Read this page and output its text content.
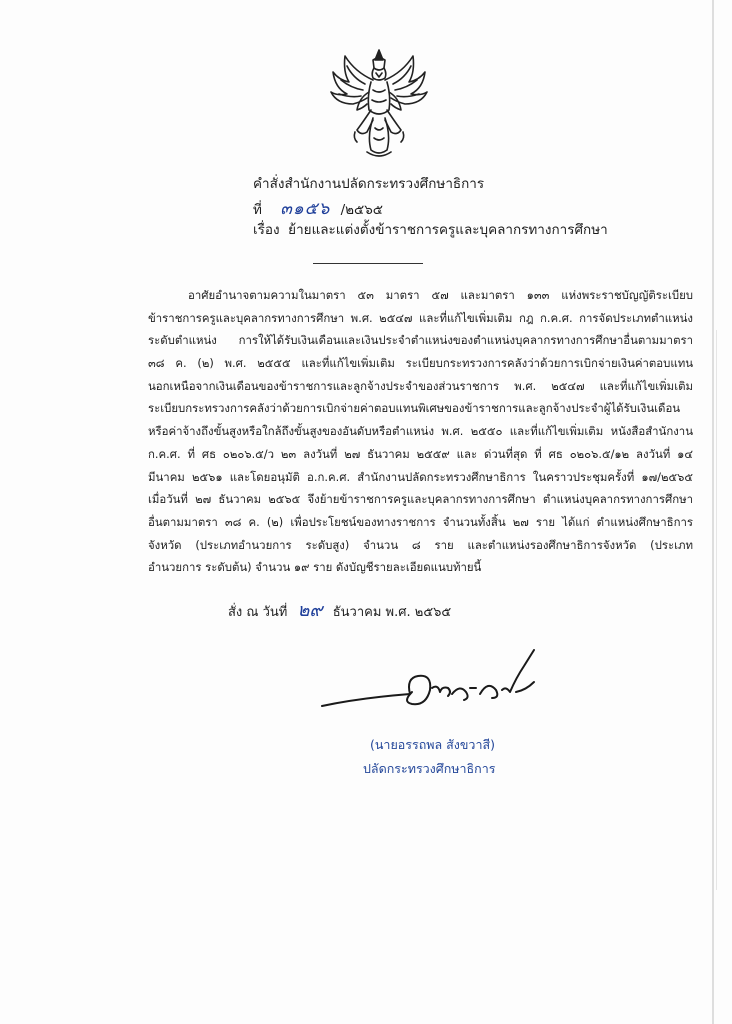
คำสั่งสำนักงานปลัดกระทรวงศึกษาธิการ
ที่ ๓๑๕๖ /๒๕๖๕
เรื่อง ย้ายและแต่งตั้งข้าราชการครูและบุคลากรทางการศึกษา
อาศัยอำนาจตามความในมาตรา ๕๓ มาตรา ๕๗ และมาตรา ๑๓๓ แห่งพระราชบัญญัติระเบียบ
ข้าราชการครูและบุคลากรทางการศึกษา พ.ศ. ๒๕๔๗ และที่แก้ไขเพิ่มเติม กฎ ก.ค.ศ. การจัดประเภทตำแหน่ง
ระดับตำแหน่ง การให้ได้รับเงินเดือนและเงินประจำตำแหน่งของตำแหน่งบุคลากรทางการศึกษาอื่นตามมาตรา
๓๘ ค. (๒) พ.ศ. ๒๕๕๕ และที่แก้ไขเพิ่มเติม ระเบียบกระทรวงการคลังว่าด้วยการเบิกจ่ายเงินค่าตอบแทน
นอกเหนือจากเงินเดือนของข้าราชการและลูกจ้างประจำของส่วนราชการ พ.ศ. ๒๕๔๗ และที่แก้ไขเพิ่มเติม
ระเบียบกระทรวงการคลังว่าด้วยการเบิกจ่ายค่าตอบแทนพิเศษของข้าราชการและลูกจ้างประจำผู้ได้รับเงินเดือน
หรือค่าจ้างถึงขั้นสูงหรือใกล้ถึงขั้นสูงของอันดับหรือตำแหน่ง พ.ศ. ๒๕๕๐ และที่แก้ไขเพิ่มเติม หนังสือสำนักงาน
ก.ค.ศ. ที่ ศธ ๐๒๐๖.๕/ว ๒๓ ลงวันที่ ๒๗ ธันวาคม ๒๕๕๙ และ ด่วนที่สุด ที่ ศธ ๐๒๐๖.๕/๑๒ ลงวันที่ ๑๔
มีนาคม ๒๕๖๑ และโดยอนุมัติ อ.ก.ค.ศ. สำนักงานปลัดกระทรวงศึกษาธิการ ในคราวประชุมครั้งที่ ๑๗/๒๕๖๕
เมื่อวันที่ ๒๗ ธันวาคม ๒๕๖๕ จึงย้ายข้าราชการครูและบุคลากรทางการศึกษา ตำแหน่งบุคลากรทางการศึกษา
อื่นตามมาตรา ๓๘ ค. (๒) เพื่อประโยชน์ของทางราชการ จำนวนทั้งสิ้น ๒๗ ราย ได้แก่ ตำแหน่งศึกษาธิการ
จังหวัด (ประเภทอำนวยการ ระดับสูง) จำนวน ๘ ราย และตำแหน่งรองศึกษาธิการจังหวัด (ประเภท
อำนวยการ ระดับต้น) จำนวน ๑๙ ราย ดังบัญชีรายละเอียดแนบท้ายนี้
สั่ง ณ วันที่ ๒๙ ธันวาคม พ.ศ. ๒๕๖๕
(นายอรรถพล สังขวาสี)
ปลัดกระทรวงศึกษาธิการ
